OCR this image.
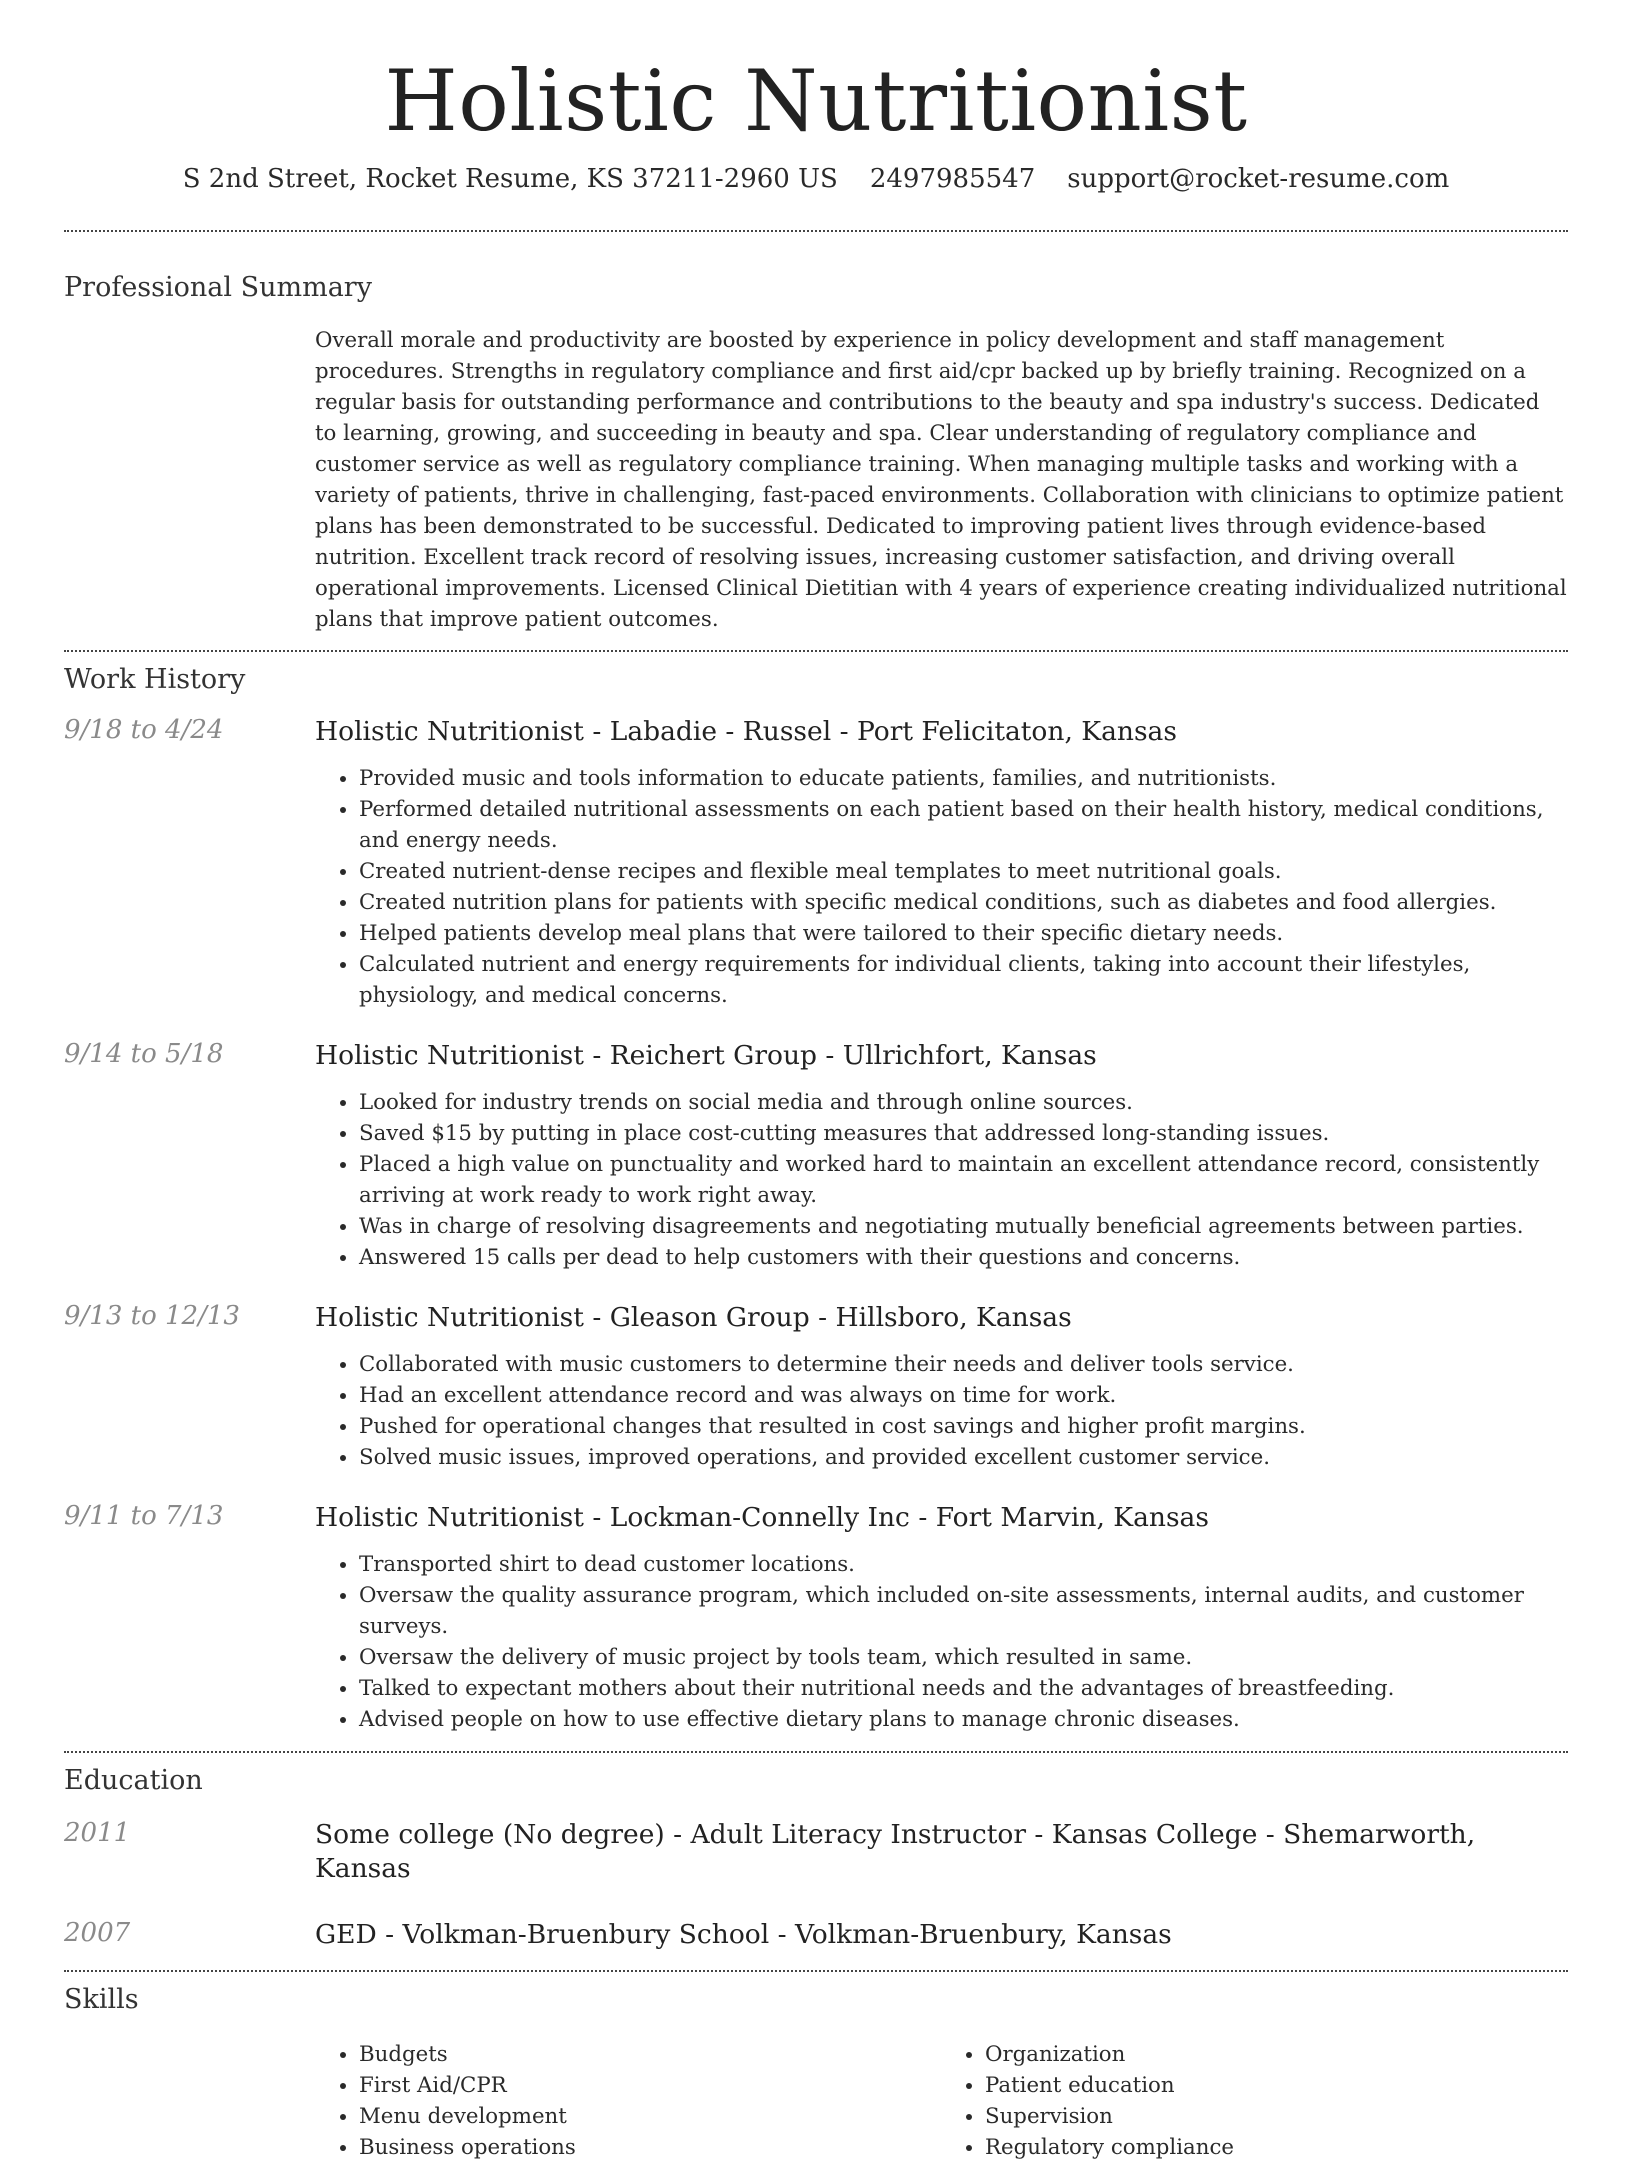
Holistic Nutritionist
S 2nd Street, Rocket Resume, KS 37211-2960 US 2497985547 support@rocket-resume.com
Professional Summary

Overall morale and productivity are boosted by experience in policy development and staff management procedures. Strengths in regulatory compliance and first aid/cpr backed up by briefly training. Recognized on a regular basis for outstanding performance and contributions to the beauty and spa industry's success. Dedicated to learning, growing, and succeeding in beauty and spa. Clear understanding of regulatory compliance and customer service as well as regulatory compliance training. When managing multiple tasks and working with a variety of patients, thrive in challenging, fast-paced environments. Collaboration with clinicians to optimize patient plans has been demonstrated to be successful. Dedicated to improving patient lives through evidence-based nutrition. Excellent track record of resolving issues, increasing customer satisfaction, and driving overall operational improvements. Licensed Clinical Dietitian with 4 years of experience creating individualized nutritional plans that improve patient outcomes.

Work History
9/18 to 4/24	Holistic Nutritionist - Labadie - Russel - Port Felicitaton, Kansas

• Provided music and tools information to educate patients, families, and nutritionists.
• Performed detailed nutritional assessments on each patient based on their health history, medical conditions, and energy needs.
• Created nutrient-dense recipes and flexible meal templates to meet nutritional goals.
• Created nutrition plans for patients with specific medical conditions, such as diabetes and food allergies.
• Helped patients develop meal plans that were tailored to their specific dietary needs.
• Calculated nutrient and energy requirements for individual clients, taking into account their lifestyles, physiology, and medical concerns.
9/14 to 5/18	Holistic Nutritionist - Reichert Group - Ullrichfort, Kansas

• Looked for industry trends on social media and through online sources.
• Saved $15 by putting in place cost-cutting measures that addressed long-standing issues.
• Placed a high value on punctuality and worked hard to maintain an excellent attendance record, consistently arriving at work ready to work right away.
• Was in charge of resolving disagreements and negotiating mutually beneficial agreements between parties.
• Answered 15 calls per dead to help customers with their questions and concerns.
9/13 to 12/13	Holistic Nutritionist - Gleason Group - Hillsboro, Kansas

• Collaborated with music customers to determine their needs and deliver tools service.
• Had an excellent attendance record and was always on time for work.
• Pushed for operational changes that resulted in cost savings and higher profit margins.
• Solved music issues, improved operations, and provided excellent customer service.
9/11 to 7/13	Holistic Nutritionist - Lockman-Connelly Inc - Fort Marvin, Kansas

• Transported shirt to dead customer locations.
• Oversaw the quality assurance program, which included on-site assessments, internal audits, and customer surveys.
• Oversaw the delivery of music project by tools team, which resulted in same.
• Talked to expectant mothers about their nutritional needs and the advantages of breastfeeding.
• Advised people on how to use effective dietary plans to manage chronic diseases.
Education
2011	Some college (No degree) - Adult Literacy Instructor - Kansas College - Shemarworth, Kansas

2007	GED - Volkman-Bruenbury School - Volkman-Bruenbury, Kansas

Skills
• Budgets
• First Aid/CPR
• Menu development
• Business operations
• Organization
• Patient education
• Supervision
• Regulatory compliance
